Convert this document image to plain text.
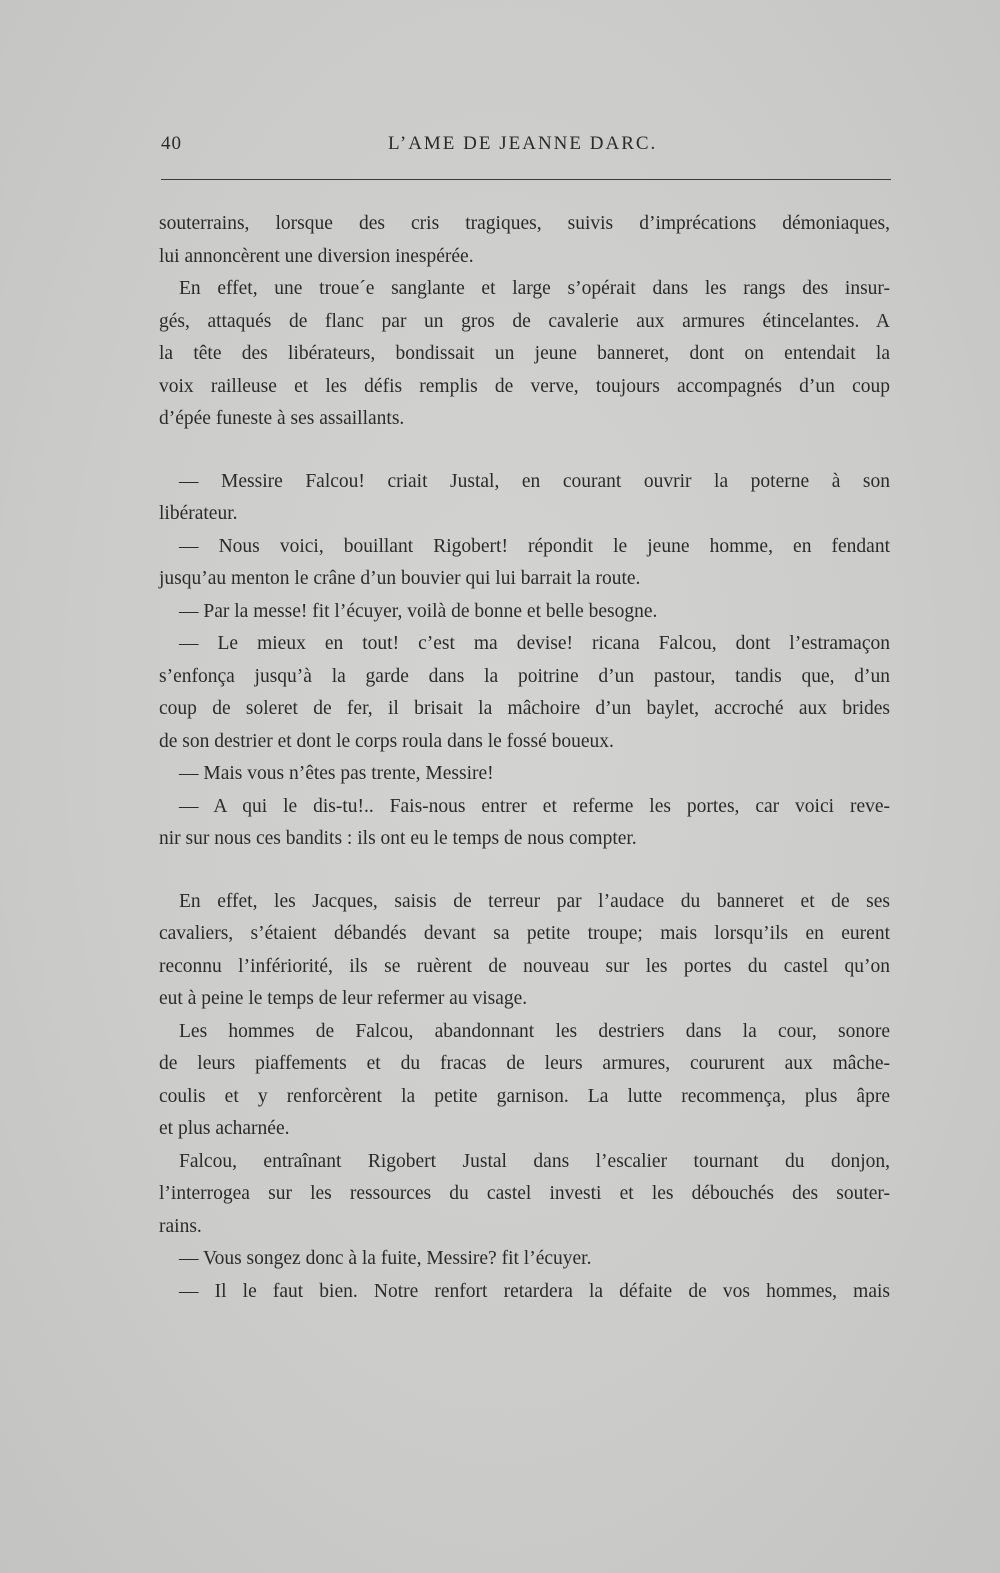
40	L’AME DE JEANNE DARC.
souterrains, lorsque des cris tragiques, suivis d’imprécations démoniaques,
lui annoncèrent une diversion inespérée.
En effet, une troue´e sanglante et large s’opérait dans les rangs des insur-
gés, attaqués de flanc par un gros de cavalerie aux armures étincelantes. A
la tête des libérateurs, bondissait un jeune banneret, dont on entendait la
voix railleuse et les défis remplis de verve, toujours accompagnés d’un coup
d’épée funeste à ses assaillants.
— Messire Falcou! criait Justal, en courant ouvrir la poterne à son
libérateur.
— Nous voici, bouillant Rigobert! répondit le jeune homme, en fendant
jusqu’au menton le crâne d’un bouvier qui lui barrait la route.
— Par la messe! fit l’écuyer, voilà de bonne et belle besogne.
— Le mieux en tout! c’est ma devise! ricana Falcou, dont l’estramaçon
s’enfonça jusqu’à la garde dans la poitrine d’un pastour, tandis que, d’un
coup de soleret de fer, il brisait la mâchoire d’un baylet, accroché aux brides
de son destrier et dont le corps roula dans le fossé boueux.
— Mais vous n’êtes pas trente, Messire!
— A qui le dis-tu!.. Fais-nous entrer et referme les portes, car voici reve-
nir sur nous ces bandits : ils ont eu le temps de nous compter.
En effet, les Jacques, saisis de terreur par l’audace du banneret et de ses
cavaliers, s’étaient débandés devant sa petite troupe; mais lorsqu’ils en eurent
reconnu l’infériorité, ils se ruèrent de nouveau sur les portes du castel qu’on
eut à peine le temps de leur refermer au visage.
Les hommes de Falcou, abandonnant les destriers dans la cour, sonore
de leurs piaffements et du fracas de leurs armures, coururent aux mâche-
coulis et y renforcèrent la petite garnison. La lutte recommença, plus âpre
et plus acharnée.
Falcou, entraînant Rigobert Justal dans l’escalier tournant du donjon,
l’interrogea sur les ressources du castel investi et les débouchés des souter-
rains.
— Vous songez donc à la fuite, Messire? fit l’écuyer.
— Il le faut bien. Notre renfort retardera la défaite de vos hommes, mais
